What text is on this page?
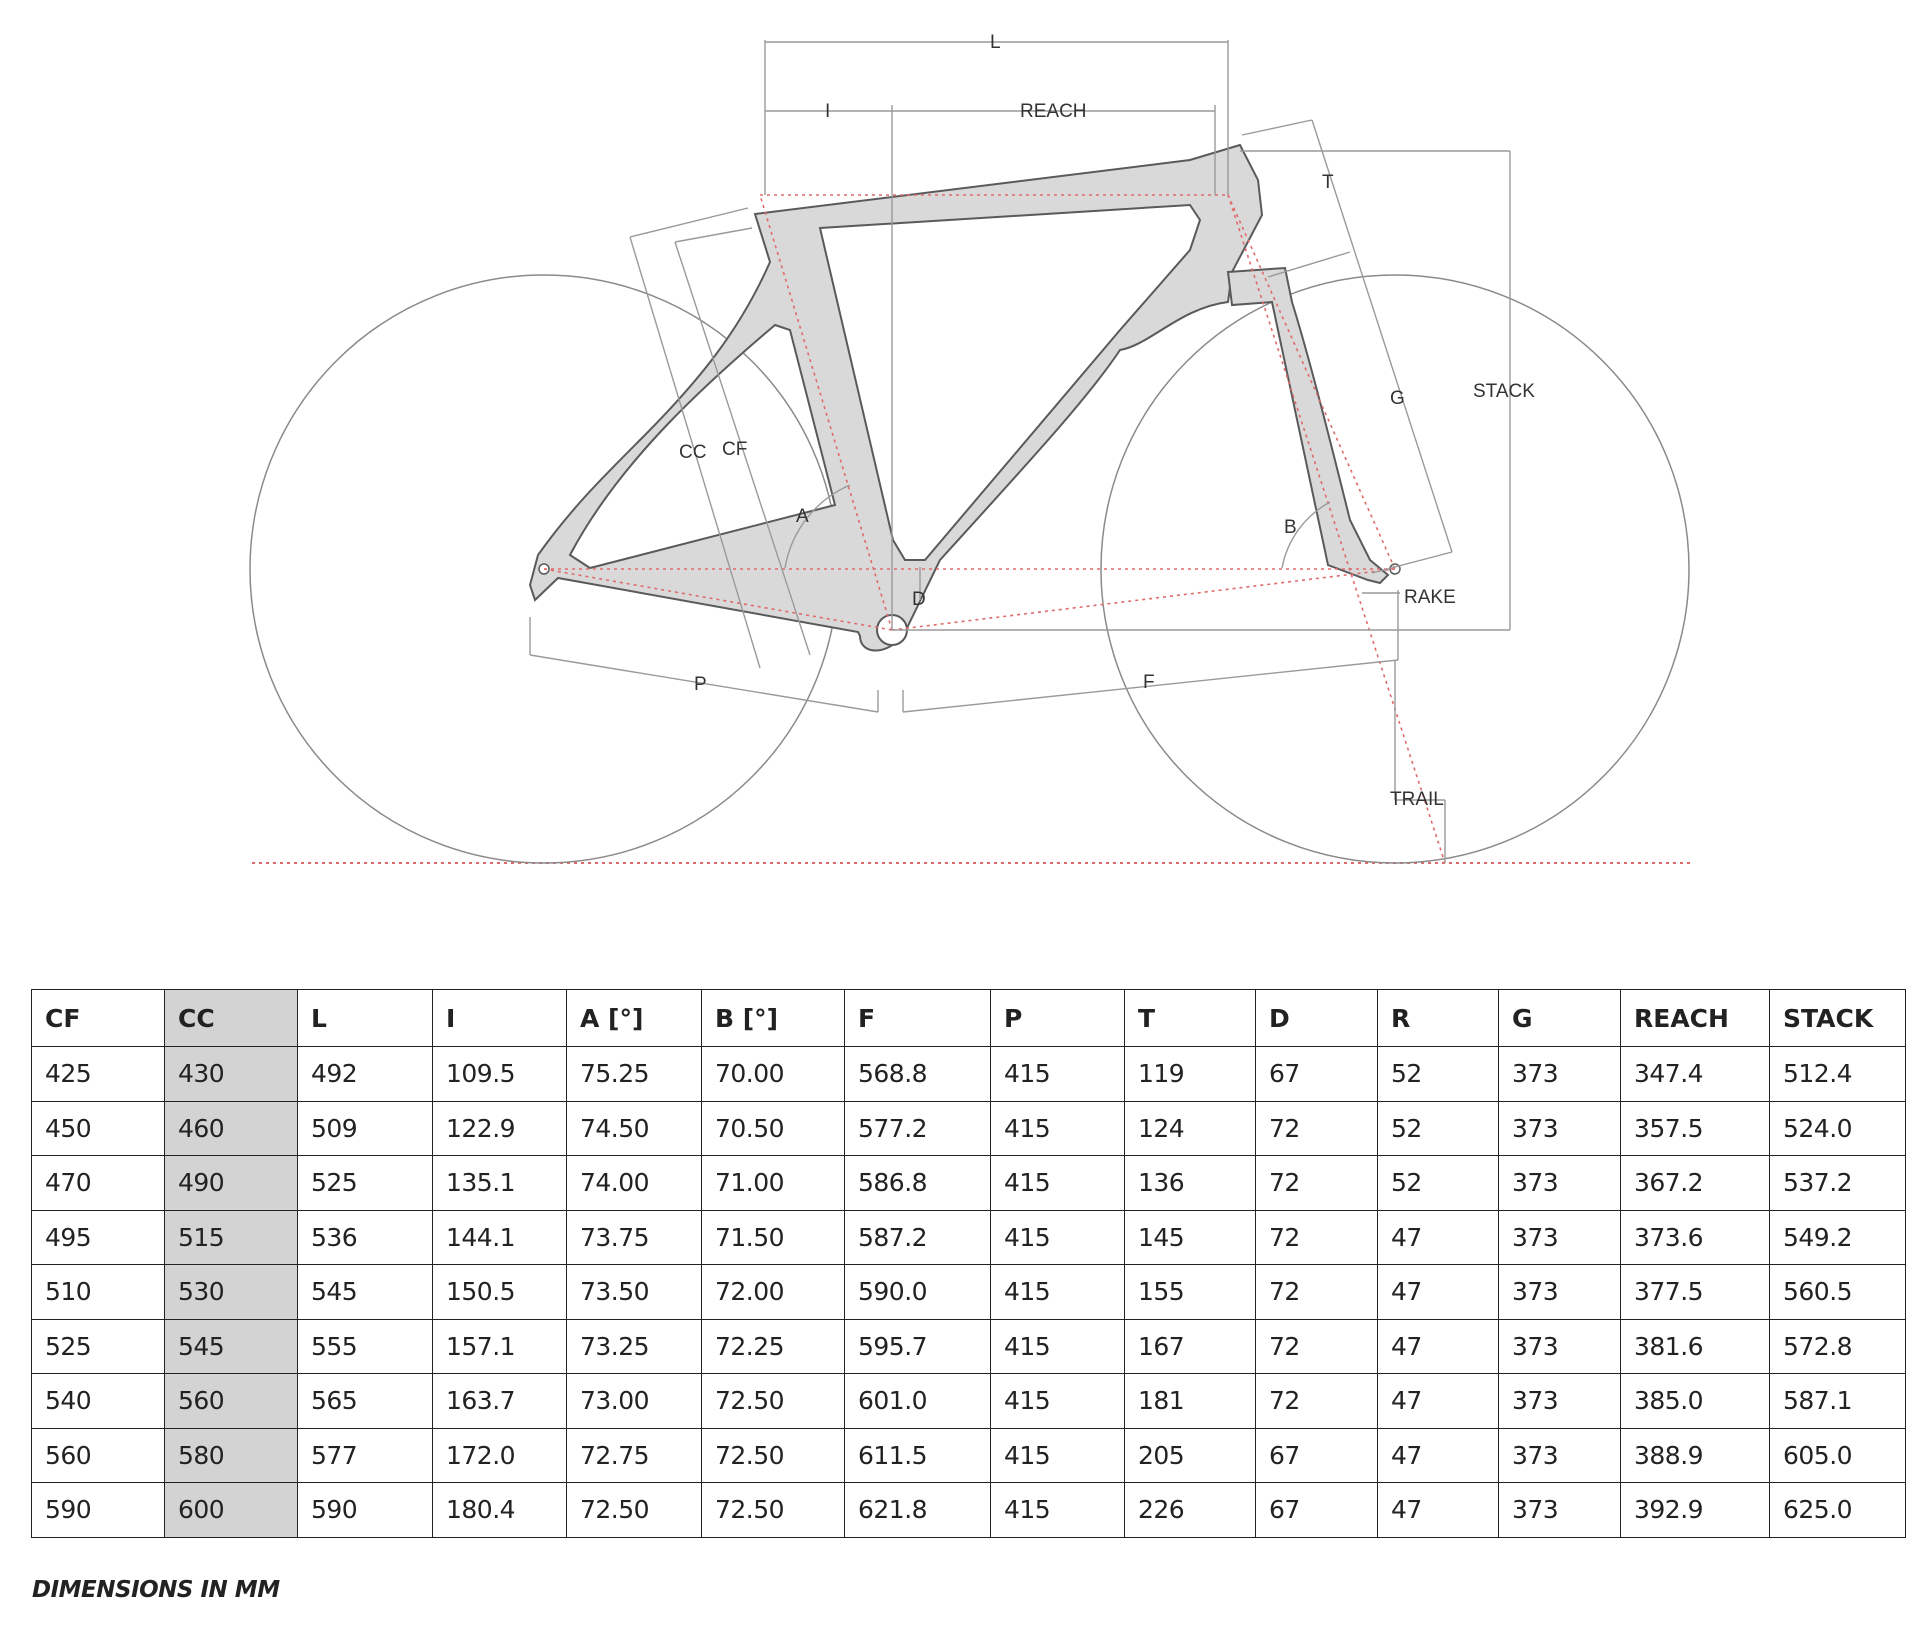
L
I	REACH
T
STACK
G
CC CF
A
B
D	RAKE
P	F
TRAIL
CF	CC	L	I	A [°]	B [°]	F	P	T	D	R	G	REACH	STACK
425	430	492	109.5	75.25	70.00	568.8	415	119	67	52	373	347.4	512.4
450	460	509	122.9	74.50	70.50	577.2	415	124	72	52	373	357.5	524.0
470	490	525	135.1	74.00	71.00	586.8	415	136	72	52	373	367.2	537.2
495	515	536	144.1	73.75	71.50	587.2	415	145	72	47	373	373.6	549.2
510	530	545	150.5	73.50	72.00	590.0	415	155	72	47	373	377.5	560.5
525	545	555	157.1	73.25	72.25	595.7	415	167	72	47	373	381.6	572.8
540	560	565	163.7	73.00	72.50	601.0	415	181	72	47	373	385.0	587.1
560	580	577	172.0	72.75	72.50	611.5	415	205	67	47	373	388.9	605.0
590	600	590	180.4	72.50	72.50	621.8	415	226	67	47	373	392.9	625.0
DIMENSIONS IN MM
